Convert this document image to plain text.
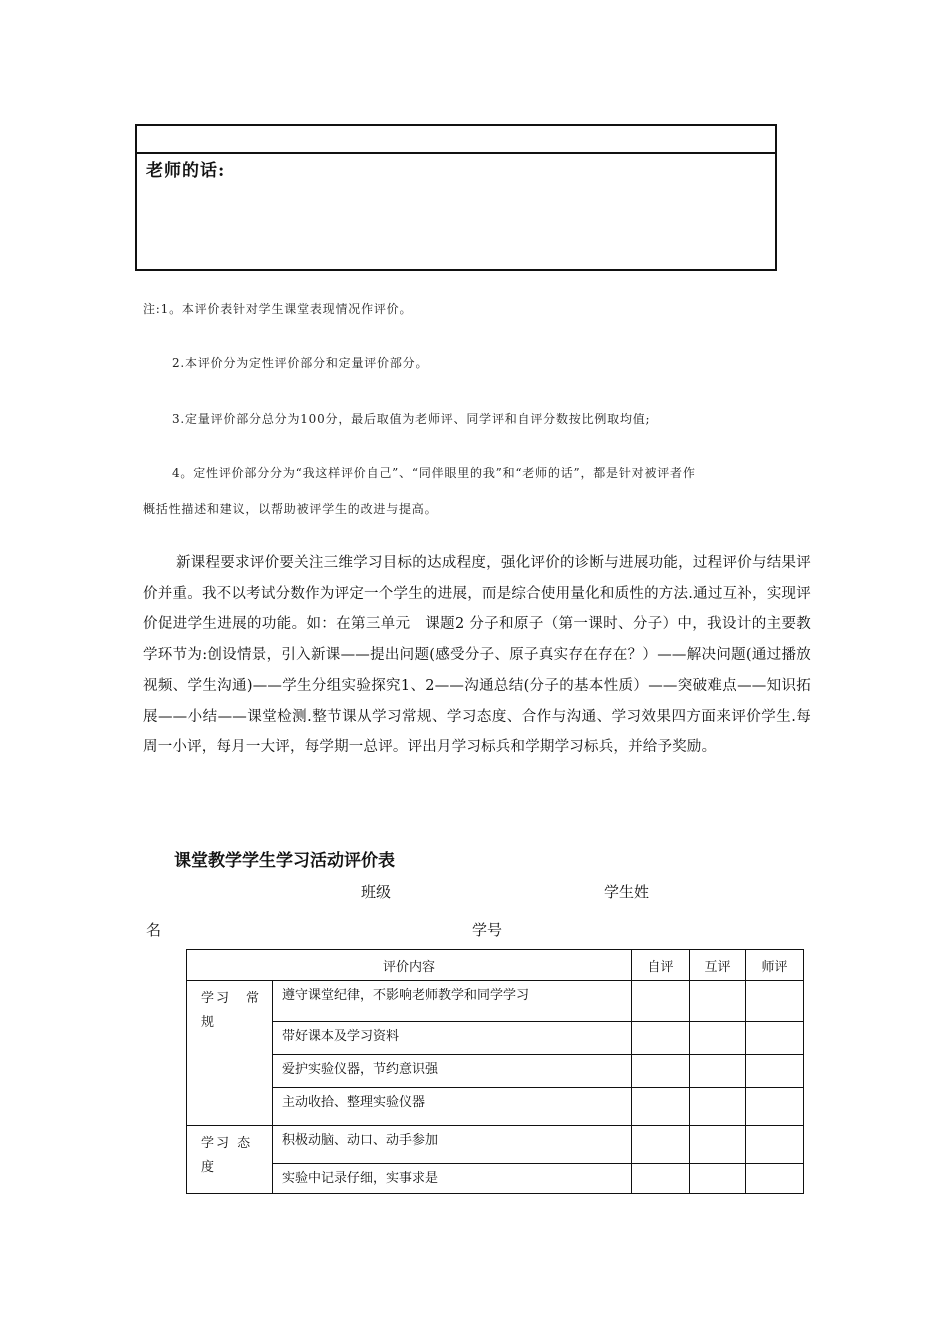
老师的话:
注:1。本评价表针对学生课堂表现情况作评价。
2.本评价分为定性评价部分和定量评价部分。
3.定量评价部分总分为100分，最后取值为老师评、同学评和自评分数按比例取均值;
4。定性评价部分分为“我这样评价自己”、“同伴眼里的我”和“老师的话”，都是针对被评者作
概括性描述和建议，以帮助被评学生的改进与提高。
新课程要求评价要关注三维学习目标的达成程度，强化评价的诊断与进展功能，过程评价与结果评价并重。我不以考试分数作为评定一个学生的进展，而是综合使用量化和质性的方法.通过互补，实现评价促进学生进展的功能。如：在第三单元　课题2 分子和原子（第一课时、分子）中，我设计的主要教学环节为:创设情景，引入新课——提出问题(感受分子、原子真实存在存在？）——解决问题(通过播放视频、学生沟通)——学生分组实验探究1、2——沟通总结(分子的基本性质）——突破难点——知识拓展——小结——课堂检测.整节课从学习常规、学习态度、合作与沟通、学习效果四方面来评价学生.每周一小评，每月一大评，每学期一总评。评出月学习标兵和学期学习标兵，并给予奖励。
课堂教学学生学习活动评价表
班级	学生姓
名	学号
评价内容		自评	互评	师评
学习　常规	遵守课堂纪律，不影响老师教学和同学学习			
	带好课本及学习资料			
	爱护实验仪器，节约意识强			
	主动收拾、整理实验仪器			
学习 态度	积极动脑、动口、动手参加			
	实验中记录仔细，实事求是			
